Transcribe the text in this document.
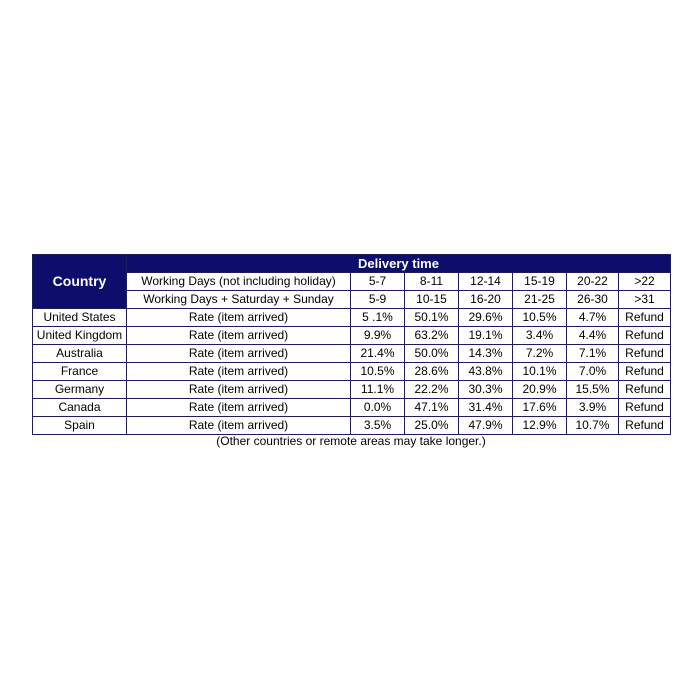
Country	Delivery time						
	Working Days (not including holiday)	5-7	8-11	12-14	15-19	20-22	>22
	Working Days + Saturday + Sunday	5-9	10-15	16-20	21-25	26-30	>31
United States	Rate (item arrived)	5 .1%	50.1%	29.6%	10.5%	4.7%	Refund
United Kingdom	Rate (item arrived)	9.9%	63.2%	19.1%	3.4%	4.4%	Refund
Australia	Rate (item arrived)	21.4%	50.0%	14.3%	7.2%	7.1%	Refund
France	Rate (item arrived)	10.5%	28.6%	43.8%	10.1%	7.0%	Refund
Germany	Rate (item arrived)	11.1%	22.2%	30.3%	20.9%	15.5%	Refund
Canada	Rate (item arrived)	0.0%	47.1%	31.4%	17.6%	3.9%	Refund
Spain	Rate (item arrived)	3.5%	25.0%	47.9%	12.9%	10.7%	Refund
(Other countries or remote areas may take longer.)
